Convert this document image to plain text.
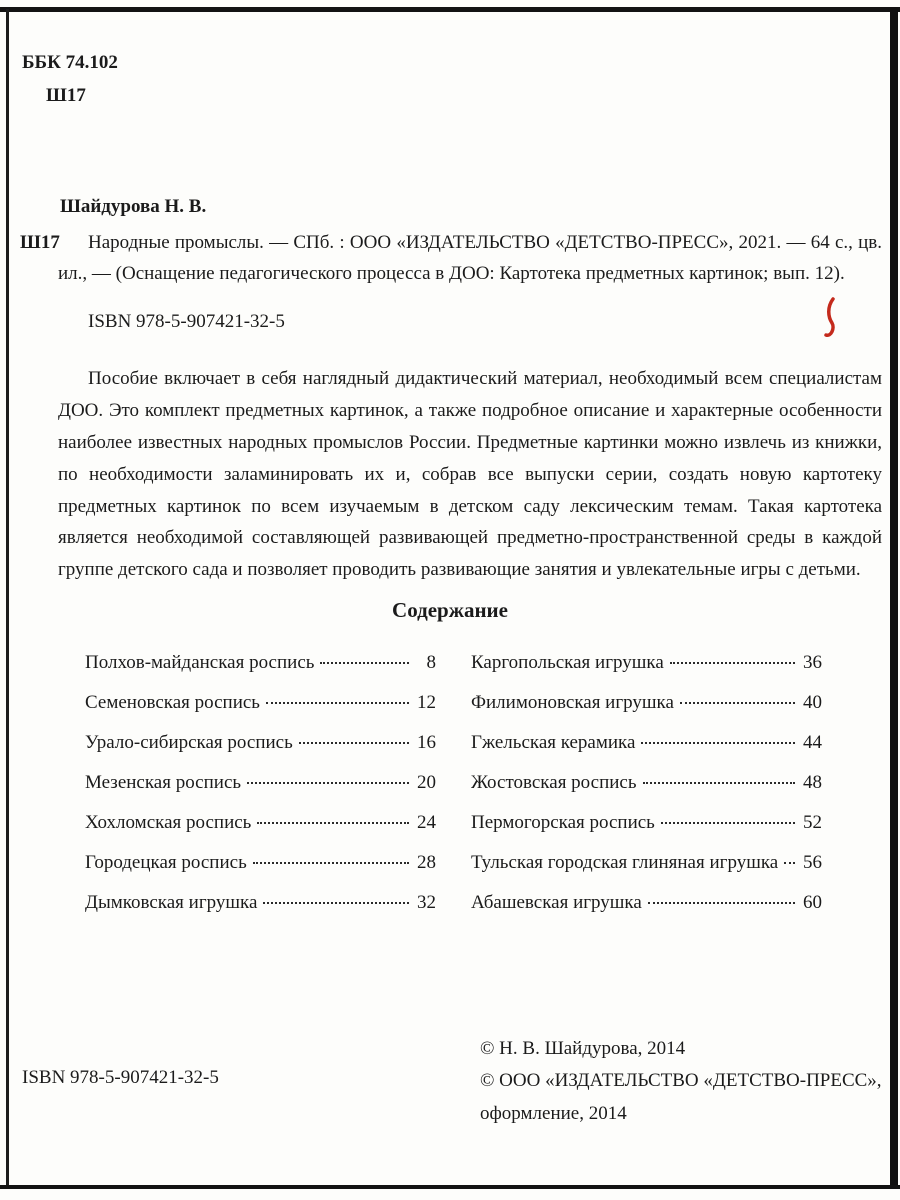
ББК 74.102
Ш17
Шайдурова Н. В.
Ш17 Народные промыслы. — СПб. : ООО «ИЗДАТЕЛЬСТВО «ДЕТСТВО-ПРЕСС», 2021. — 64 с., цв. ил., — (Оснащение педагогического процесса в ДОО: Картотека предметных картинок; вып. 12).
ISBN 978-5-907421-32-5
Пособие включает в себя наглядный дидактический материал, необходимый всем специалистам ДОО. Это комплект предметных картинок, а также подробное описание и характерные особенности наиболее известных народных промыслов России. Предметные картинки можно извлечь из книжки, по необходимости заламинировать их и, собрав все выпуски серии, создать новую картотеку предметных картинок по всем изучаемым в детском саду лексическим темам. Такая картотека является необходимой составляющей развивающей предметно-пространственной среды в каждой группе детского сада и позволяет проводить развивающие занятия и увлекательные игры с детьми.
Содержание
Полхов-майданская роспись	8
Семеновская роспись	12
Урало-сибирская роспись	16
Мезенская роспись	20
Хохломская роспись	24
Городецкая роспись	28
Дымковская игрушка	32
Каргопольская игрушка	36
Филимоновская игрушка	40
Гжельская керамика	44
Жостовская роспись	48
Пермогорская роспись	52
Тульская городская глиняная игрушка 56
Абашевская игрушка	60
ISBN 978-5-907421-32-5
© Н. В. Шайдурова, 2014
© ООО «ИЗДАТЕЛЬСТВО «ДЕТСТВО-ПРЕСС», оформление, 2014
